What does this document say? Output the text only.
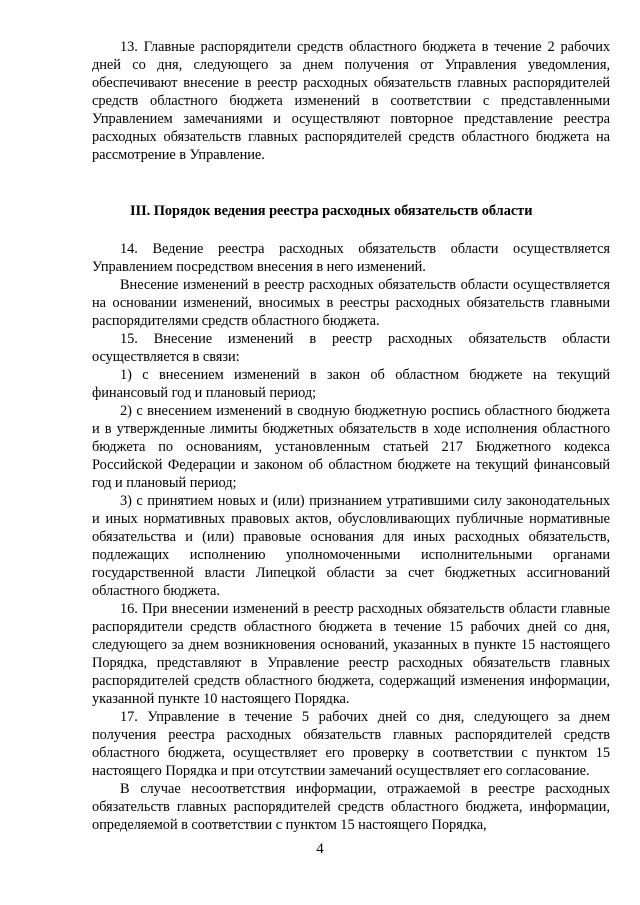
13. Главные распорядители средств областного бюджета в течение 2 рабочих дней со дня, следующего за днем получения от Управления уведомления, обеспечивают внесение в реестр расходных обязательств главных распорядителей средств областного бюджета изменений в соответствии с представленными Управлением замечаниями и осуществляют повторное представление реестра расходных обязательств главных распорядителей средств областного бюджета на рассмотрение в Управление.

III. Порядок ведения реестра расходных обязательств области

14. Ведение реестра расходных обязательств области осуществляется Управлением посредством внесения в него изменений.

Внесение изменений в реестр расходных обязательств области осуществляется на основании изменений, вносимых в реестры расходных обязательств главными распорядителями средств областного бюджета.

15. Внесение изменений в реестр расходных обязательств области осуществляется в связи:

1) с внесением изменений в закон об областном бюджете на текущий финансовый год и плановый период;

2) с внесением изменений в сводную бюджетную роспись областного бюджета и в утвержденные лимиты бюджетных обязательств в ходе исполнения областного бюджета по основаниям, установленным статьей 217 Бюджетного кодекса Российской Федерации и законом об областном бюджете на текущий финансовый год и плановый период;

3) с принятием новых и (или) признанием утратившими силу законодательных и иных нормативных правовых актов, обусловливающих публичные нормативные обязательства и (или) правовые основания для иных расходных обязательств, подлежащих исполнению уполномоченными исполнительными органами государственной власти Липецкой области за счет бюджетных ассигнований областного бюджета.

16. При внесении изменений в реестр расходных обязательств области главные распорядители средств областного бюджета в течение 15 рабочих дней со дня, следующего за днем возникновения оснований, указанных в пункте 15 настоящего Порядка, представляют в Управление реестр расходных обязательств главных распорядителей средств областного бюджета, содержащий изменения информации, указанной пункте 10 настоящего Порядка.

17. Управление в течение 5 рабочих дней со дня, следующего за днем получения реестра расходных обязательств главных распорядителей средств областного бюджета, осуществляет его проверку в соответствии с пунктом 15 настоящего Порядка и при отсутствии замечаний осуществляет его согласование.

В случае несоответствия информации, отражаемой в реестре расходных обязательств главных распорядителей средств областного бюджета, информации, определяемой в соответствии с пунктом 15 настоящего Порядка,

4
